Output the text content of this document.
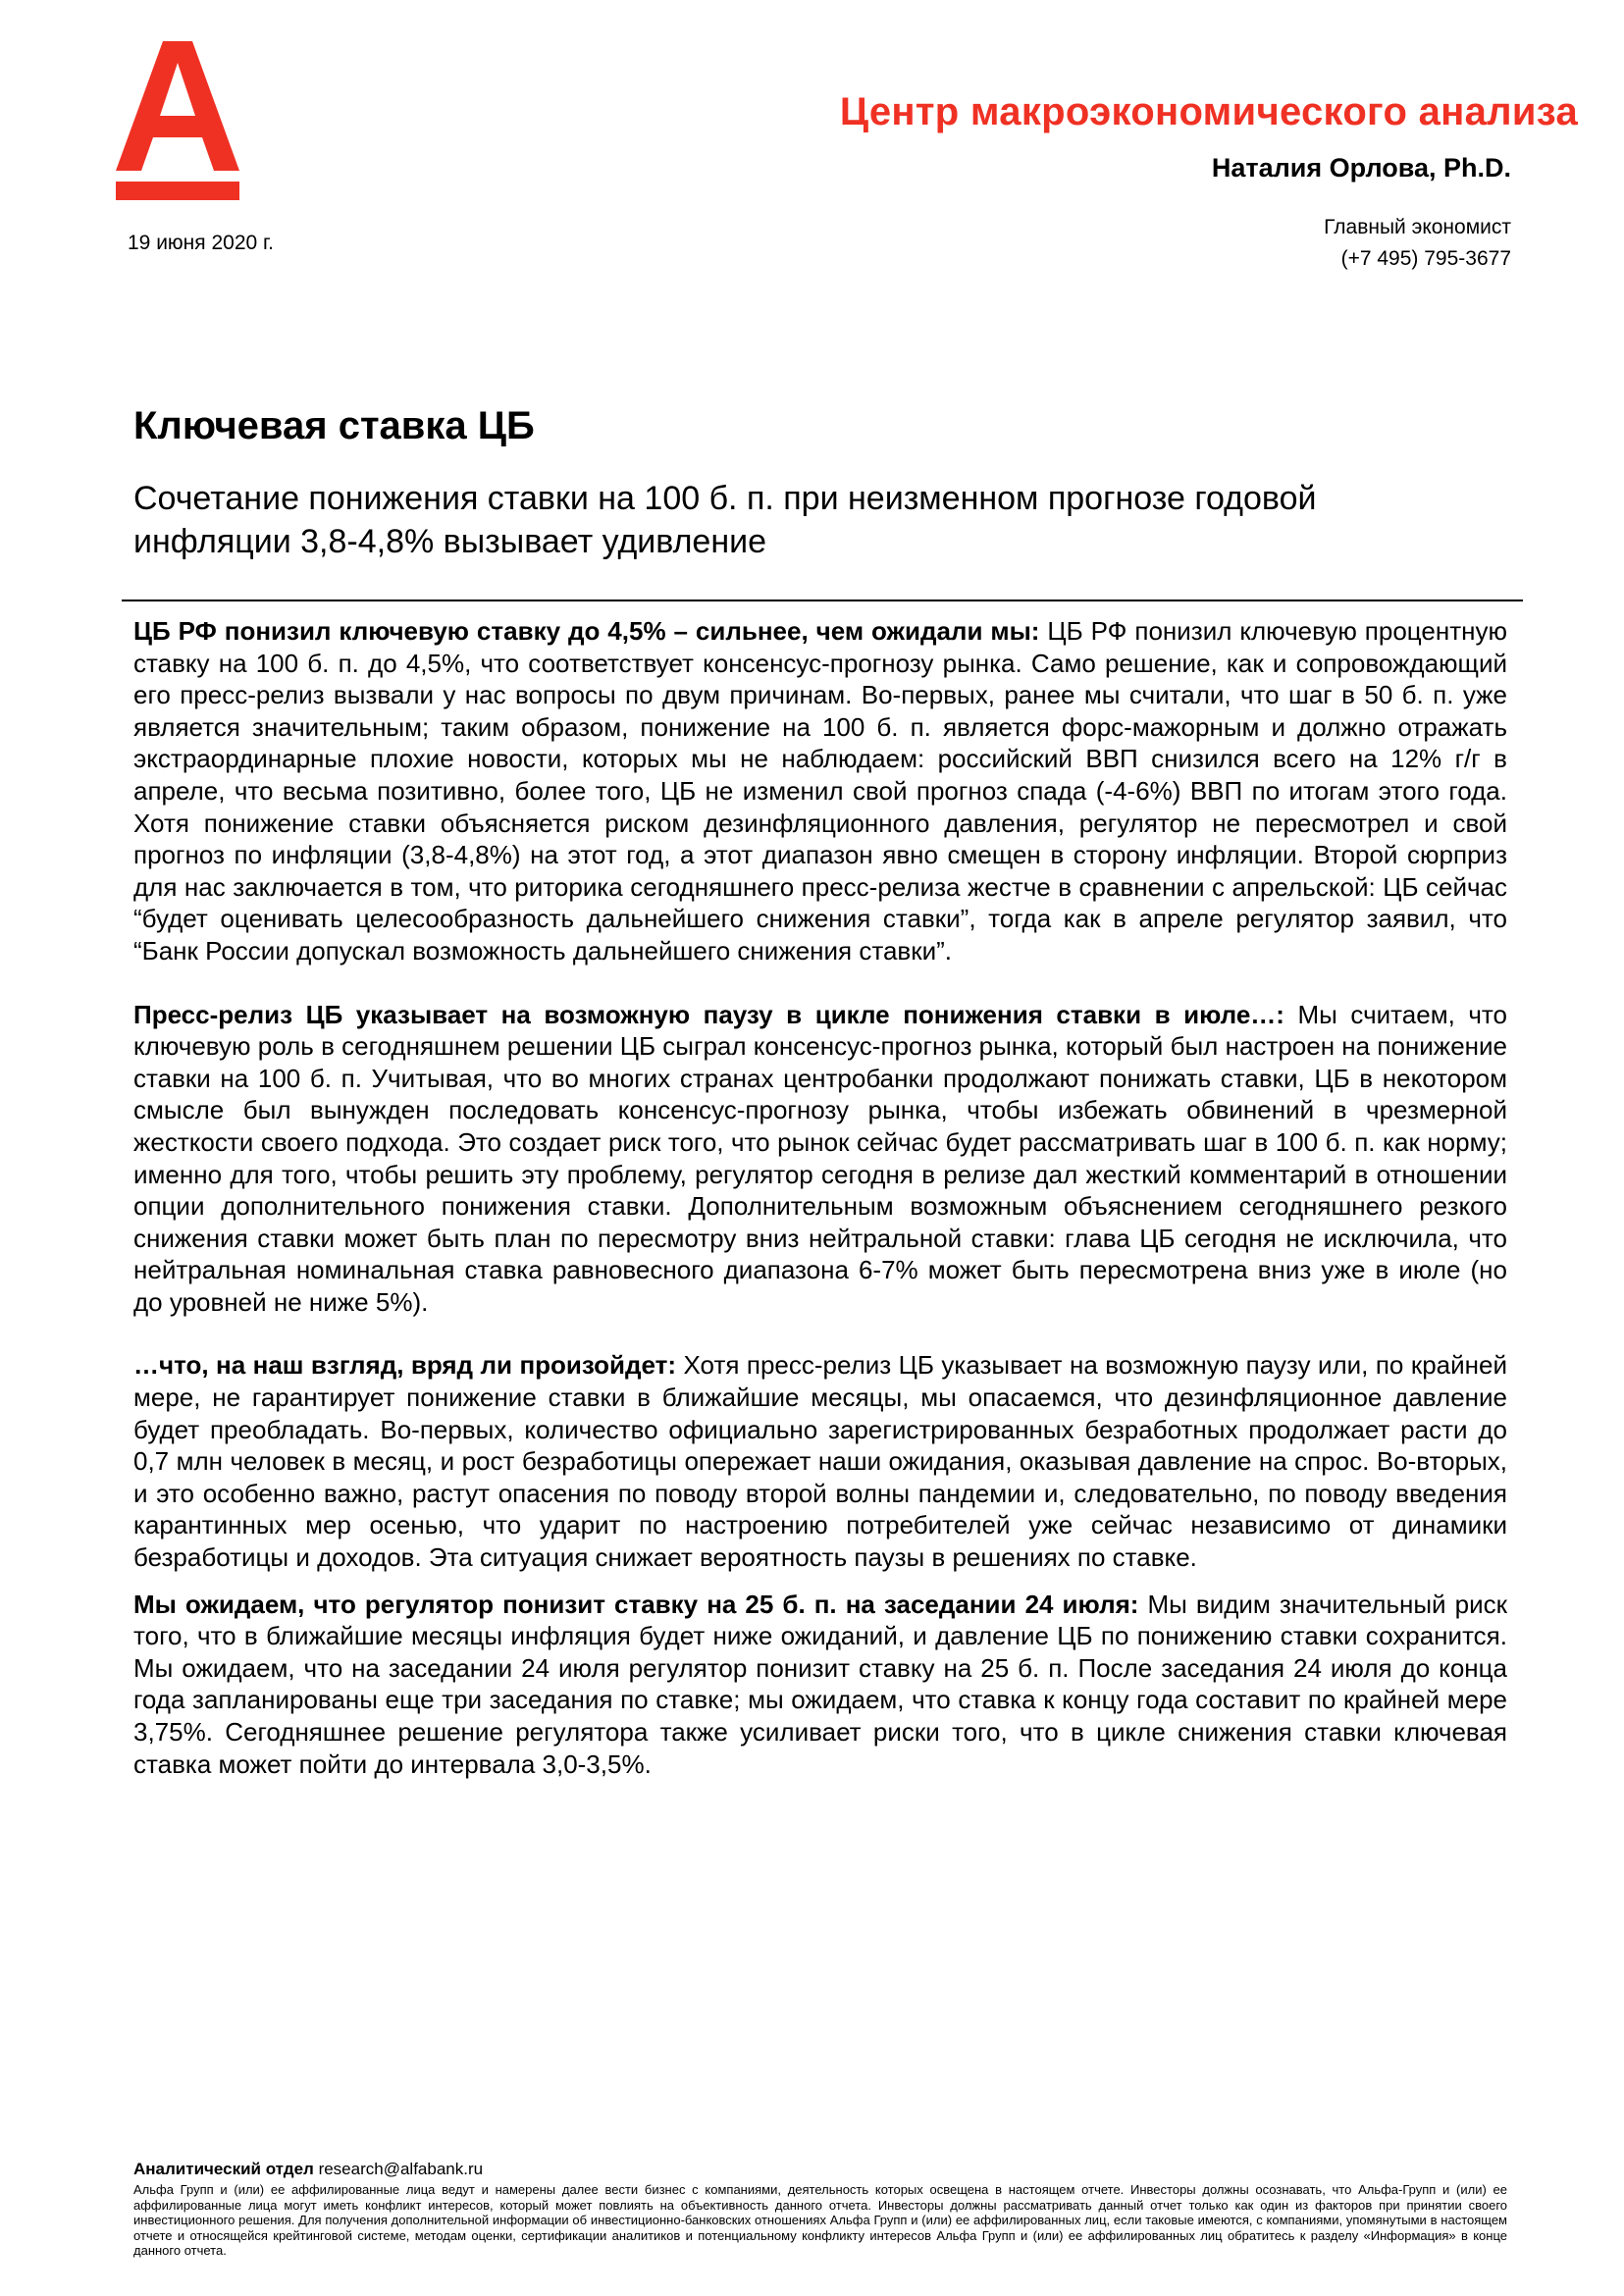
Центр макроэкономического анализа
Наталия Орлова, Ph.D.
19 июня 2020 г.
Главный экономист
(+7 495) 795-3677
Ключевая ставка ЦБ

Сочетание понижения ставки на 100 б. п. при неизменном прогнозе годовой инфляции 3,8-4,8% вызывает удивление

ЦБ РФ понизил ключевую ставку до 4,5% – сильнее, чем ожидали мы: ЦБ РФ понизил ключевую процентную ставку на 100 б. п. до 4,5%, что соответствует консенсус-прогнозу рынка. Само решение, как и сопровождающий его пресс-релиз вызвали у нас вопросы по двум причинам. Во-первых, ранее мы считали, что шаг в 50 б. п. уже является значительным; таким образом, понижение на 100 б. п. является форс-мажорным и должно отражать экстраординарные плохие новости, которых мы не наблюдаем: российский ВВП снизился всего на 12% г/г в апреле, что весьма позитивно, более того, ЦБ не изменил свой прогноз спада (-4-6%) ВВП по итогам этого года. Хотя понижение ставки объясняется риском дезинфляционного давления, регулятор не пересмотрел и свой прогноз по инфляции (3,8-4,8%) на этот год, а этот диапазон явно смещен в сторону инфляции. Второй сюрприз для нас заключается в том, что риторика сегодняшнего пресс-релиза жестче в сравнении с апрельской: ЦБ сейчас “будет оценивать целесообразность дальнейшего снижения ставки”, тогда как в апреле регулятор заявил, что “Банк России допускал возможность дальнейшего снижения ставки”.

Пресс-релиз ЦБ указывает на возможную паузу в цикле понижения ставки в июле…: Мы считаем, что ключевую роль в сегодняшнем решении ЦБ сыграл консенсус-прогноз рынка, который был настроен на понижение ставки на 100 б. п. Учитывая, что во многих странах центробанки продолжают понижать ставки, ЦБ в некотором смысле был вынужден последовать консенсус-прогнозу рынка, чтобы избежать обвинений в чрезмерной жесткости своего подхода. Это создает риск того, что рынок сейчас будет рассматривать шаг в 100 б. п. как норму; именно для того, чтобы решить эту проблему, регулятор сегодня в релизе дал жесткий комментарий в отношении опции дополнительного понижения ставки. Дополнительным возможным объяснением сегодняшнего резкого снижения ставки может быть план по пересмотру вниз нейтральной ставки: глава ЦБ сегодня не исключила, что нейтральная номинальная ставка равновесного диапазона 6-7% может быть пересмотрена вниз уже в июле (но до уровней не ниже 5%).

…что, на наш взгляд, вряд ли произойдет: Хотя пресс-релиз ЦБ указывает на возможную паузу или, по крайней мере, не гарантирует понижение ставки в ближайшие месяцы, мы опасаемся, что дезинфляционное давление будет преобладать. Во-первых, количество официально зарегистрированных безработных продолжает расти до 0,7 млн человек в месяц, и рост безработицы опережает наши ожидания, оказывая давление на спрос. Во-вторых, и это особенно важно, растут опасения по поводу второй волны пандемии и, следовательно, по поводу введения карантинных мер осенью, что ударит по настроению потребителей уже сейчас независимо от динамики безработицы и доходов. Эта ситуация снижает вероятность паузы в решениях по ставке.

Мы ожидаем, что регулятор понизит ставку на 25 б. п. на заседании 24 июля: Мы видим значительный риск того, что в ближайшие месяцы инфляция будет ниже ожиданий, и давление ЦБ по понижению ставки сохранится. Мы ожидаем, что на заседании 24 июля регулятор понизит ставку на 25 б. п. После заседания 24 июля до конца года запланированы еще три заседания по ставке; мы ожидаем, что ставка к концу года составит по крайней мере 3,75%. Сегодняшнее решение регулятора также усиливает риски того, что в цикле снижения ставки ключевая ставка может пойти до интервала 3,0-3,5%.

Аналитический отдел research@alfabank.ru

Альфа Групп и (или) ее аффилированные лица ведут и намерены далее вести бизнес с компаниями, деятельность которых освещена в настоящем отчете. Инвесторы должны осознавать, что Альфа-Групп и (или) ее аффилированные лица могут иметь конфликт интересов, который может повлиять на объективность данного отчета. Инвесторы должны рассматривать данный отчет только как один из факторов при принятии своего инвестиционного решения. Для получения дополнительной информации об инвестиционно-банковских отношениях Альфа Групп и (или) ее аффилированных лиц, если таковые имеются, с компаниями, упомянутыми в настоящем отчете и относящейся крейтинговой системе, методам оценки, сертификации аналитиков и потенциальному конфликту интересов Альфа Групп и (или) ее аффилированных лиц обратитесь к разделу «Информация» в конце данного отчета.
